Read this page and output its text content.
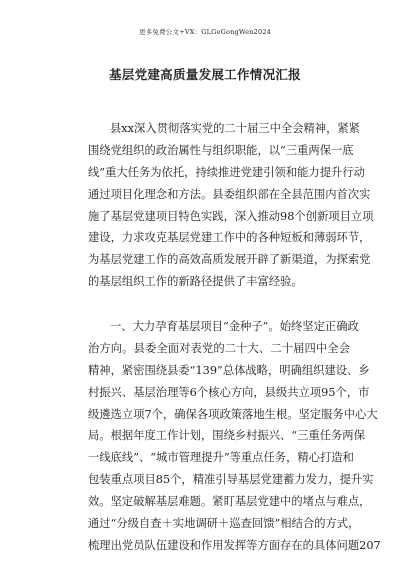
更多免费公文+VX：GLGeGongWen2024
基层党建高质量发展工作情况汇报
县xx深入贯彻落实党的二十届三中全会精神，紧紧
围绕党组织的政治属性与组织职能，以“三重两保一底
线”重大任务为依托，持续推进党建引领和能力提升行动
通过项目化理念和方法。县委组织部在全县范围内首次实
施了基层党建项目特色实践，深入推动98个创新项目立项
建设，力求攻克基层党建工作中的各种短板和薄弱环节，
为基层党建工作的高效高质发展开辟了新渠道，为探索党
的基层组织工作的新路径提供了丰富经验。
一、大力孕育基层项目“金种子”。始终坚定正确政
治方向。县委全面对表党的二十大、二十届四中全会
精神，紧密围绕县委“139”总体战略，明确组织建设、乡
村振兴、基层治理等6个核心方向，县级共立项95个，市
级遴选立项7个，确保各项政策落地生根。坚定服务中心大
局。根据年度工作计划，围绕乡村振兴、“三重任务两保
一线底线”、“城市管理提升”等重点任务，精心打造和
包装重点项目85个，精准引导基层党建蓄力发力，提升实
效。坚定破解基层难题。紧盯基层党建中的堵点与难点，
通过“分级自查＋实地调研＋巡查回馈”相结合的方式，
梳理出党员队伍建设和作用发挥等方面存在的具体问题207
